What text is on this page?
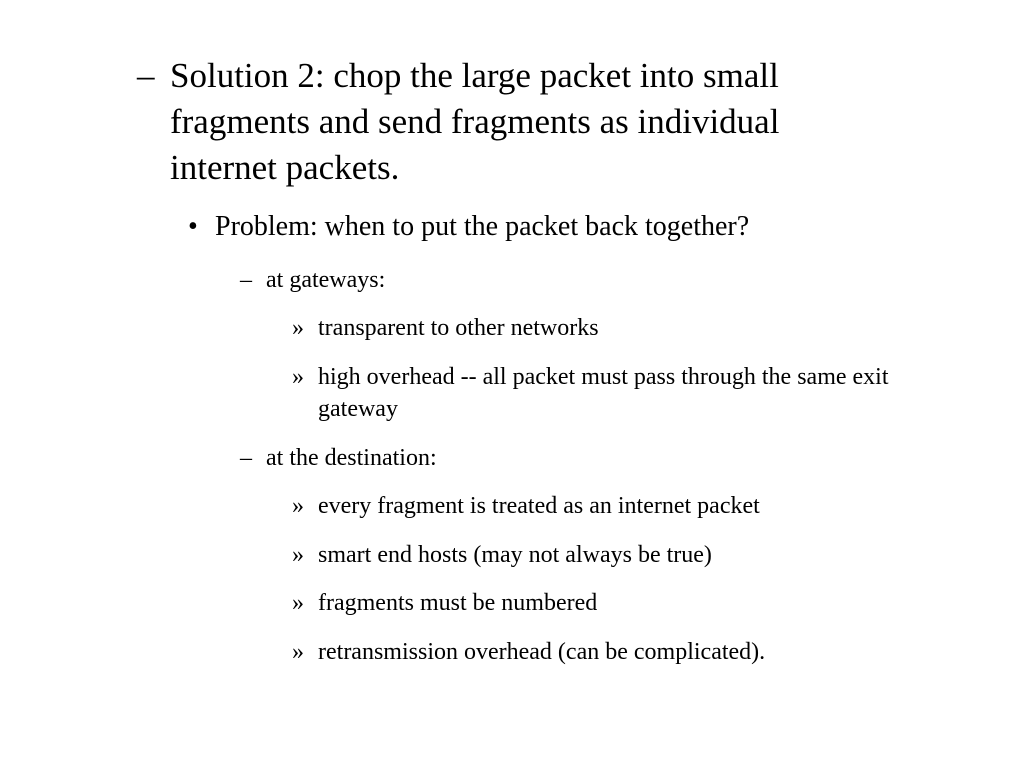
– Solution 2: chop the large packet into small fragments and send fragments as individual internet packets.
• Problem: when to put the packet back together?
– at gateways:
» transparent to other networks
» high overhead -- all packet must pass through the same exit gateway
– at the destination:
» every fragment is treated as an internet packet
» smart end hosts (may not always be true)
» fragments must be numbered
» retransmission overhead (can be complicated).
